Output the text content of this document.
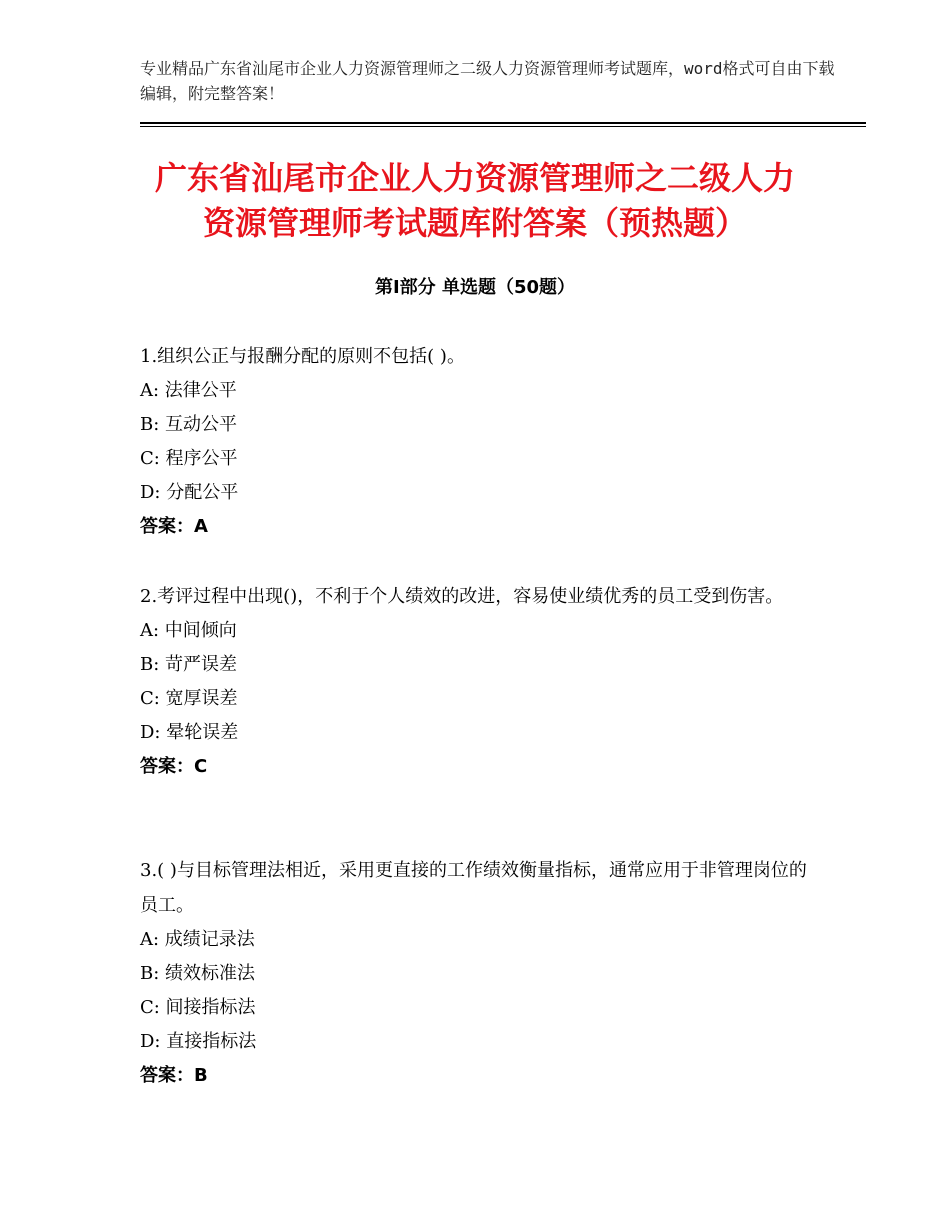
专业精品广东省汕尾市企业人力资源管理师之二级人力资源管理师考试题库，word格式可自由下载编辑，附完整答案！
广东省汕尾市企业人力资源管理师之二级人力资源管理师考试题库附答案（预热题）
第Ⅰ部分 单选题（50题）
1.组织公正与报酬分配的原则不包括( )。
A: 法律公平
B: 互动公平
C: 程序公平
D: 分配公平
答案：A
2.考评过程中出现()，不利于个人绩效的改进，容易使业绩优秀的员工受到伤害。
A: 中间倾向
B: 苛严误差
C: 宽厚误差
D: 晕轮误差
答案：C
3.( )与目标管理法相近，采用更直接的工作绩效衡量指标，通常应用于非管理岗位的员工。
A: 成绩记录法
B: 绩效标准法
C: 间接指标法
D: 直接指标法
答案：B
